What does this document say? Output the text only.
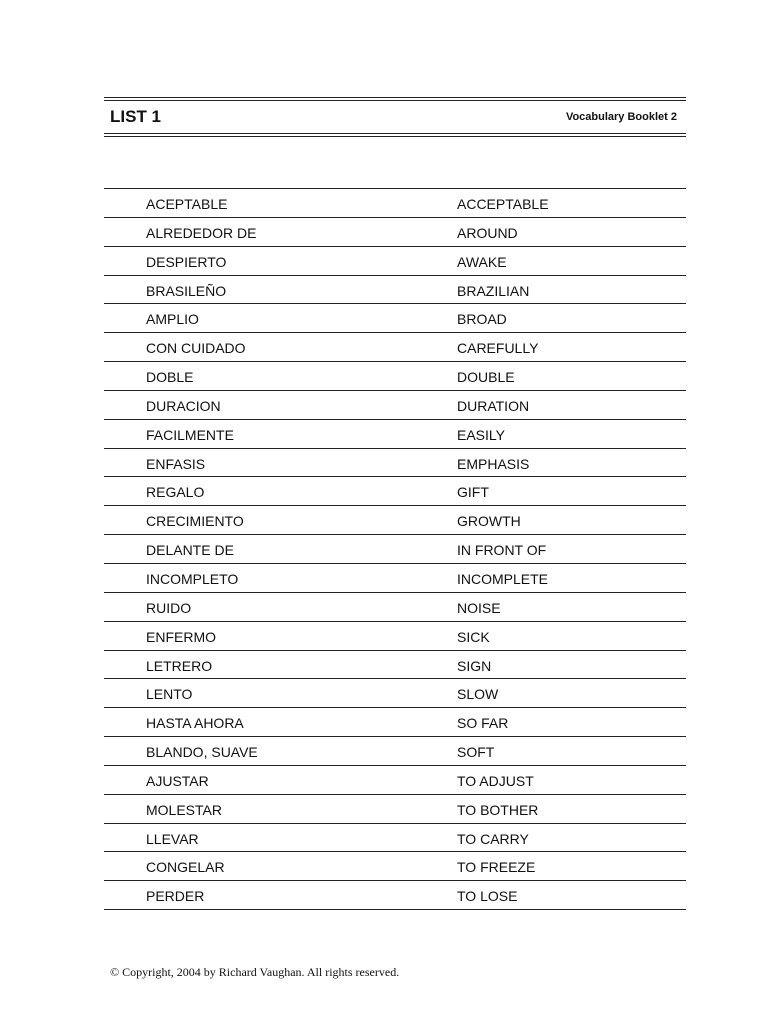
LIST 1	Vocabulary Booklet 2
ACEPTABLE	ACCEPTABLE
ALREDEDOR DE	AROUND
DESPIERTO	AWAKE
BRASILEÑO	BRAZILIAN
AMPLIO	BROAD
CON CUIDADO	CAREFULLY
DOBLE	DOUBLE
DURACION	DURATION
FACILMENTE	EASILY
ENFASIS	EMPHASIS
REGALO	GIFT
CRECIMIENTO	GROWTH
DELANTE DE	IN FRONT OF
INCOMPLETO	INCOMPLETE
RUIDO	NOISE
ENFERMO	SICK
LETRERO	SIGN
LENTO	SLOW
HASTA AHORA	SO FAR
BLANDO, SUAVE	SOFT
AJUSTAR	TO ADJUST
MOLESTAR	TO BOTHER
LLEVAR	TO CARRY
CONGELAR	TO FREEZE
PERDER	TO LOSE
© Copyright, 2004 by Richard Vaughan. All rights reserved.
